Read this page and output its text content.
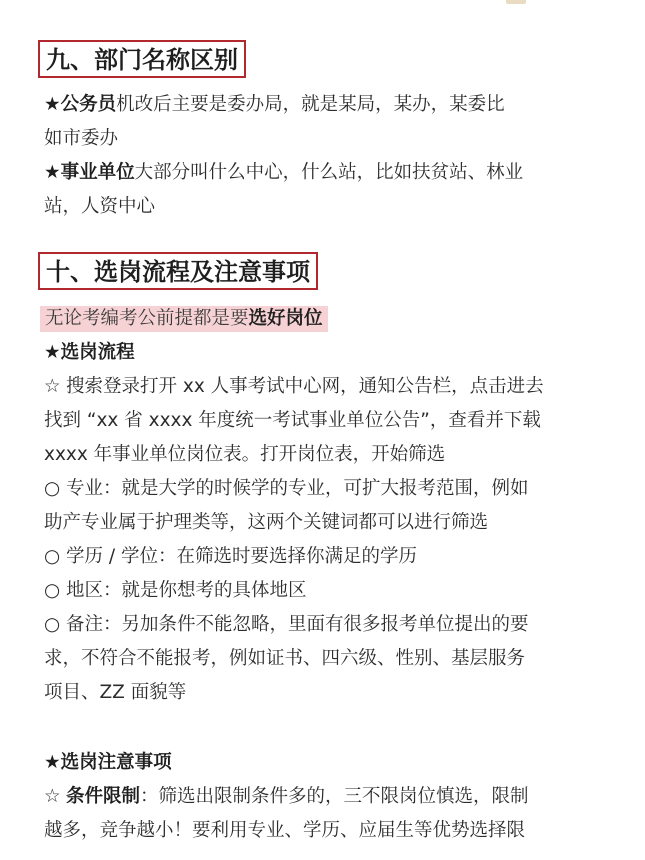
九、部门名称区别
★公务员机改后主要是委办局，就是某局，某办，某委比
如市委办
★事业单位大部分叫什么中心，什么站，比如扶贫站、林业
站，人资中心
十、选岗流程及注意事项
无论考编考公前提都是要选好岗位
★选岗流程
☆ 搜索登录打开 xx 人事考试中心网，通知公告栏，点击进去
找到 “xx 省 xxxx 年度统一考试事业单位公告”，查看并下载
xxxx 年事业单位岗位表。打开岗位表，开始筛选
○ 专业：就是大学的时候学的专业，可扩大报考范围，例如
助产专业属于护理类等，这两个关键词都可以进行筛选
○ 学历 / 学位：在筛选时要选择你满足的学历
○ 地区：就是你想考的具体地区
○ 备注：另加条件不能忽略，里面有很多报考单位提出的要
求，不符合不能报考，例如证书、四六级、性别、基层服务
项目、ZZ 面貌等
★选岗注意事项
☆ 条件限制：筛选出限制条件多的，三不限岗位慎选，限制
越多，竞争越小！要利用专业、学历、应届生等优势选择限
